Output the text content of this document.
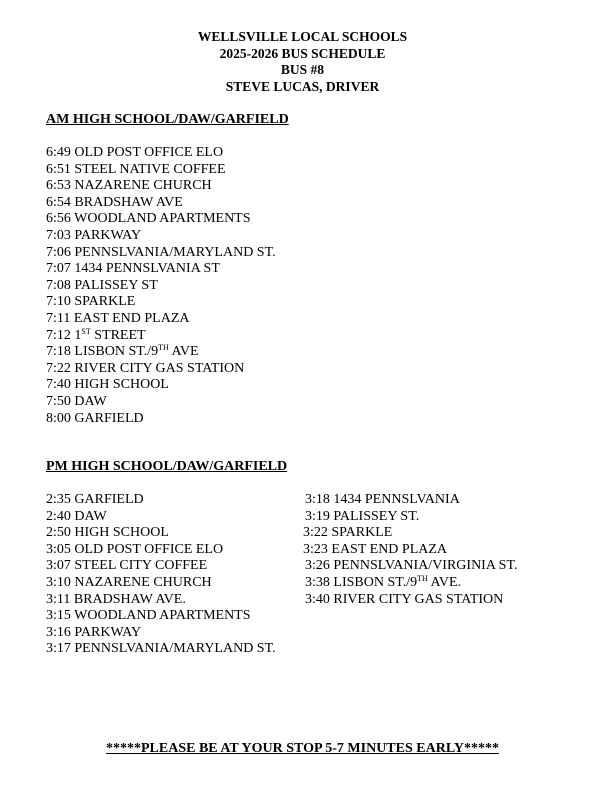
WELLSVILLE LOCAL SCHOOLS
2025-2026 BUS SCHEDULE
BUS #8
STEVE LUCAS, DRIVER
AM HIGH SCHOOL/DAW/GARFIELD
6:49 OLD POST OFFICE ELO
6:51 STEEL NATIVE COFFEE
6:53 NAZARENE CHURCH
6:54 BRADSHAW AVE
6:56 WOODLAND APARTMENTS
7:03 PARKWAY
7:06 PENNSLVANIA/MARYLAND ST.
7:07 1434 PENNSLVANIA ST
7:08 PALISSEY ST
7:10 SPARKLE
7:11 EAST END PLAZA
7:12 1ST STREET
7:18 LISBON ST./9TH AVE
7:22 RIVER CITY GAS STATION
7:40 HIGH SCHOOL
7:50 DAW
8:00 GARFIELD
PM HIGH SCHOOL/DAW/GARFIELD
2:35 GARFIELD
2:40 DAW
2:50 HIGH SCHOOL
3:05 OLD POST OFFICE ELO
3:07 STEEL CITY COFFEE
3:10 NAZARENE CHURCH
3:11 BRADSHAW AVE.
3:15 WOODLAND APARTMENTS
3:16 PARKWAY
3:17 PENNSLVANIA/MARYLAND ST.
3:18 1434 PENNSLVANIA
3:19 PALISSEY ST.
3:22 SPARKLE
3:23 EAST END PLAZA
3:26 PENNSLVANIA/VIRGINIA ST.
3:38 LISBON ST./9TH AVE.
3:40 RIVER CITY GAS STATION
*****PLEASE BE AT YOUR STOP 5-7 MINUTES EARLY*****
